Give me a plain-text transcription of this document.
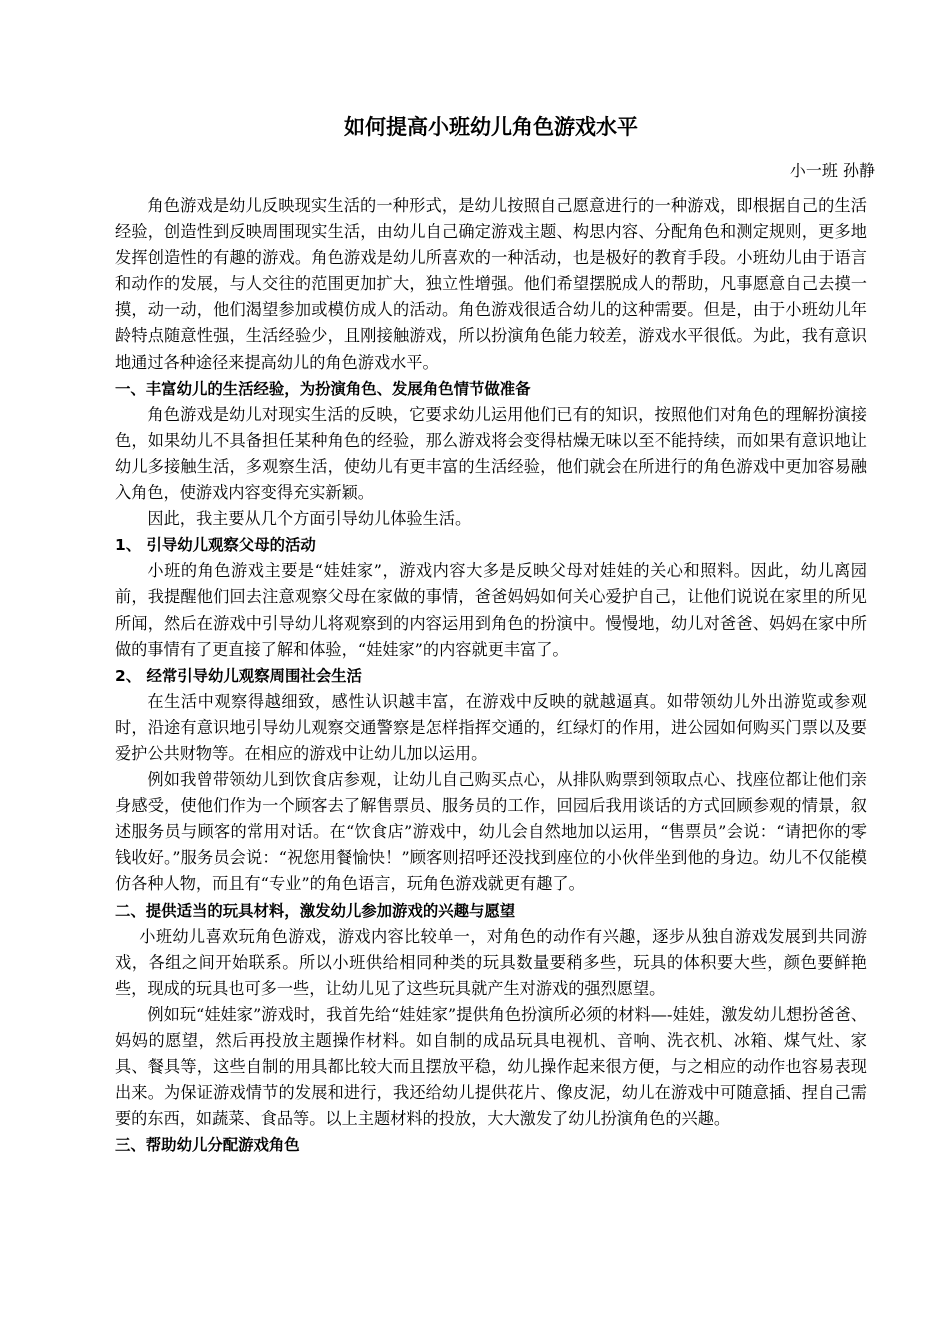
如何提高小班幼儿角色游戏水平
小一班 孙静

角色游戏是幼儿反映现实生活的一种形式，是幼儿按照自己愿意进行的一种游戏，即根据自己的生活经验，创造性到反映周围现实生活，由幼儿自己确定游戏主题、构思内容、分配角色和测定规则，更多地发挥创造性的有趣的游戏。角色游戏是幼儿所喜欢的一种活动，也是极好的教育手段。小班幼儿由于语言和动作的发展，与人交往的范围更加扩大，独立性增强。他们希望摆脱成人的帮助，凡事愿意自己去摸一摸，动一动，他们渴望参加或模仿成人的活动。角色游戏很适合幼儿的这种需要。但是，由于小班幼儿年龄特点随意性强，生活经验少，且刚接触游戏，所以扮演角色能力较差，游戏水平很低。为此，我有意识地通过各种途径来提高幼儿的角色游戏水平。

一、丰富幼儿的生活经验，为扮演角色、发展角色情节做准备

角色游戏是幼儿对现实生活的反映，它要求幼儿运用他们已有的知识，按照他们对角色的理解扮演接色，如果幼儿不具备担任某种角色的经验，那么游戏将会变得枯燥无味以至不能持续，而如果有意识地让幼儿多接触生活，多观察生活，使幼儿有更丰富的生活经验，他们就会在所进行的角色游戏中更加容易融入角色，使游戏内容变得充实新颖。

因此，我主要从几个方面引导幼儿体验生活。

1、 引导幼儿观察父母的活动

小班的角色游戏主要是“娃娃家”，游戏内容大多是反映父母对娃娃的关心和照料。因此，幼儿离园前，我提醒他们回去注意观察父母在家做的事情，爸爸妈妈如何关心爱护自己，让他们说说在家里的所见所闻，然后在游戏中引导幼儿将观察到的内容运用到角色的扮演中。慢慢地，幼儿对爸爸、妈妈在家中所做的事情有了更直接了解和体验，“娃娃家”的内容就更丰富了。

2、 经常引导幼儿观察周围社会生活

在生活中观察得越细致，感性认识越丰富，在游戏中反映的就越逼真。如带领幼儿外出游览或参观时，沿途有意识地引导幼儿观察交通警察是怎样指挥交通的，红绿灯的作用，进公园如何购买门票以及要爱护公共财物等。在相应的游戏中让幼儿加以运用。

例如我曾带领幼儿到饮食店参观，让幼儿自己购买点心，从排队购票到领取点心、找座位都让他们亲身感受，使他们作为一个顾客去了解售票员、服务员的工作，回园后我用谈话的方式回顾参观的情景，叙述服务员与顾客的常用对话。在“饮食店”游戏中，幼儿会自然地加以运用，“售票员”会说：“请把你的零钱收好。”服务员会说：“祝您用餐愉快！”顾客则招呼还没找到座位的小伙伴坐到他的身边。幼儿不仅能模仿各种人物，而且有“专业”的角色语言，玩角色游戏就更有趣了。

二、提供适当的玩具材料，激发幼儿参加游戏的兴趣与愿望

小班幼儿喜欢玩角色游戏，游戏内容比较单一，对角色的动作有兴趣，逐步从独自游戏发展到共同游戏，各组之间开始联系。所以小班供给相同种类的玩具数量要稍多些，玩具的体积要大些，颜色要鲜艳些，现成的玩具也可多一些，让幼儿见了这些玩具就产生对游戏的强烈愿望。

例如玩“娃娃家”游戏时，我首先给“娃娃家”提供角色扮演所必须的材料—-娃娃，激发幼儿想扮爸爸、妈妈的愿望，然后再投放主题操作材料。如自制的成品玩具电视机、音响、洗衣机、冰箱、煤气灶、家具、餐具等，这些自制的用具都比较大而且摆放平稳，幼儿操作起来很方便，与之相应的动作也容易表现出来。为保证游戏情节的发展和进行，我还给幼儿提供花片、像皮泥，幼儿在游戏中可随意插、捏自己需要的东西，如蔬菜、食品等。以上主题材料的投放，大大激发了幼儿扮演角色的兴趣。

三、帮助幼儿分配游戏角色
